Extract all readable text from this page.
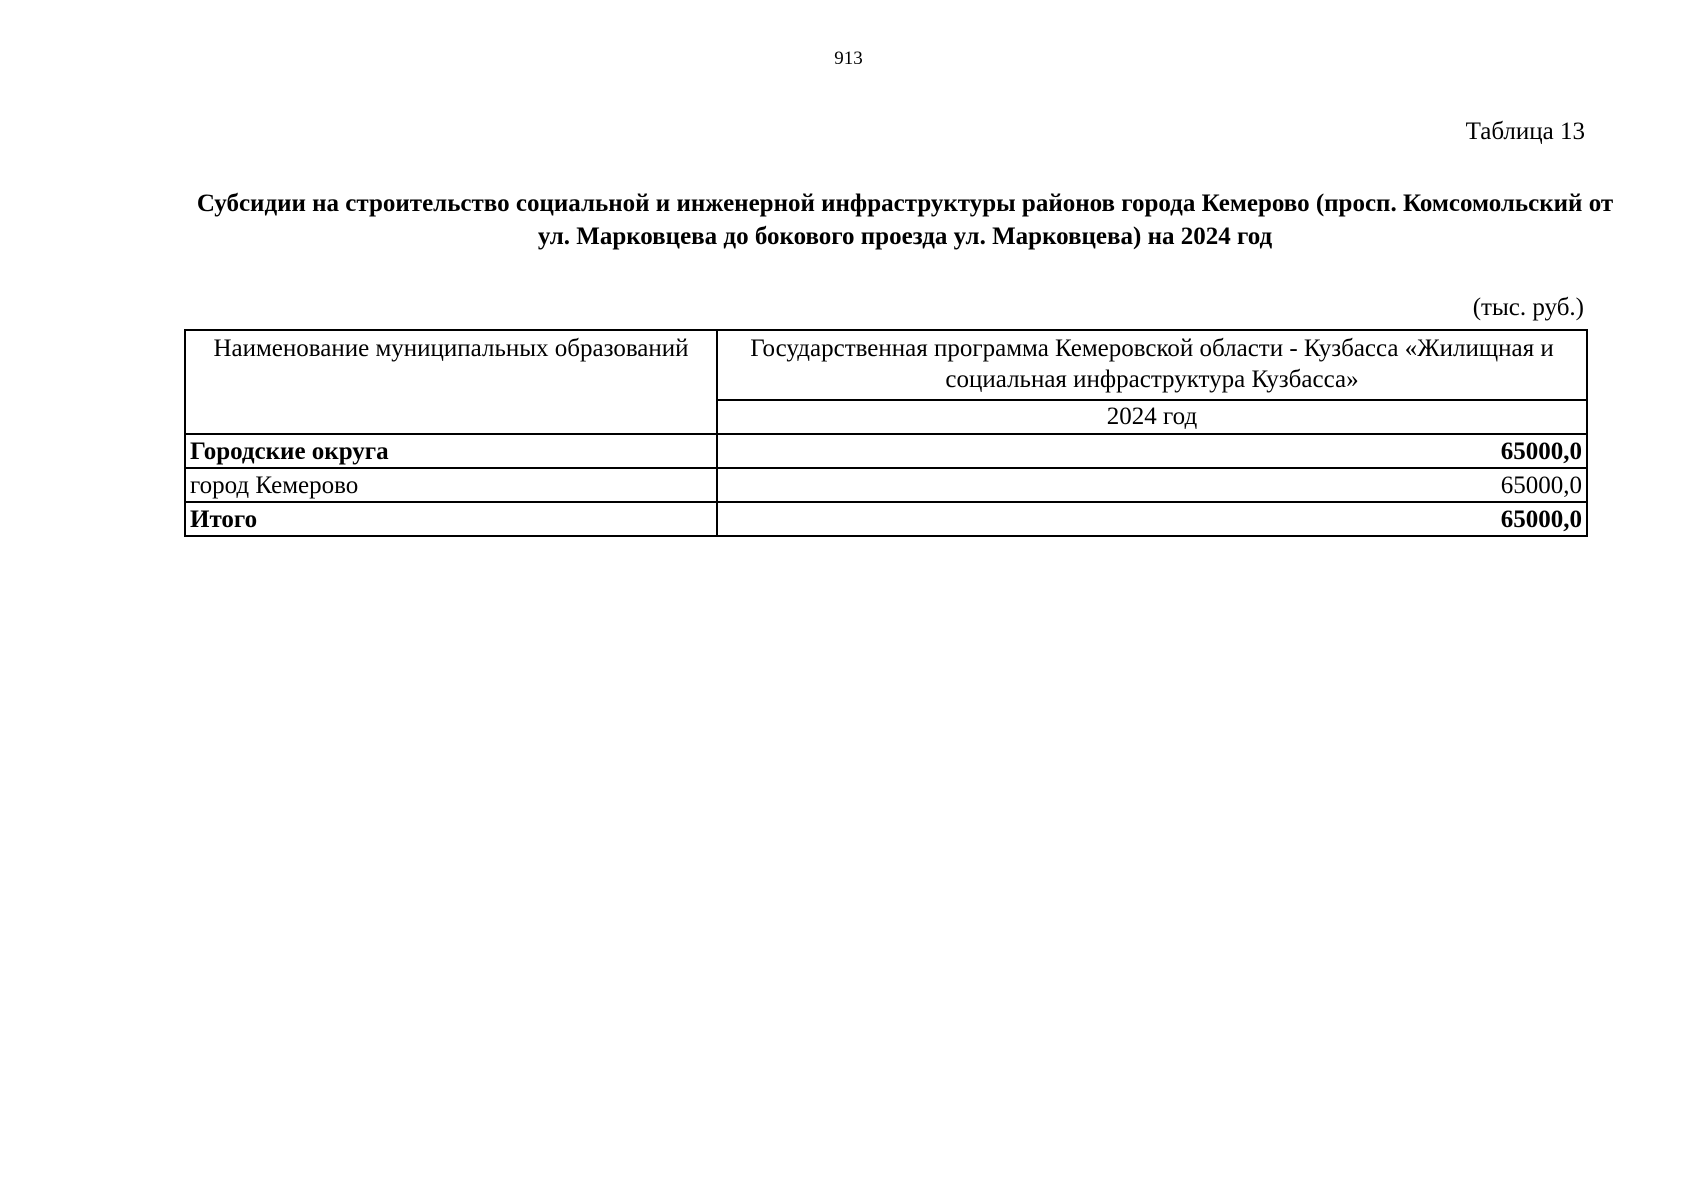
913
Таблица 13
Субсидии на строительство социальной и инженерной инфраструктуры районов города Кемерово (просп. Комсомольский от ул. Марковцева до бокового проезда ул. Марковцева) на 2024 год
(тыс. руб.)
Наименование муниципальных образований	Государственная программа Кемеровской области - Кузбасса «Жилищная и социальная инфраструктура Кузбасса»
	2024 год
Городские округа	65000,0
город Кемерово	65000,0
Итого	65000,0
